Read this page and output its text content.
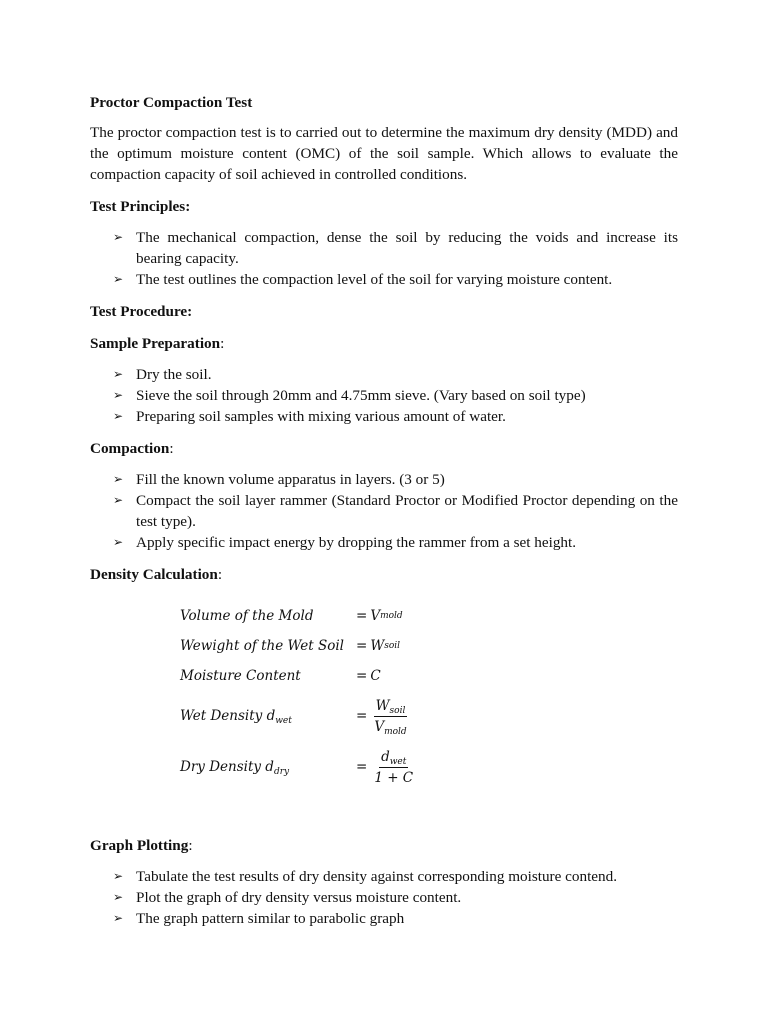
Proctor Compaction Test

The proctor compaction test is to carried out to determine the maximum dry density (MDD) and the optimum moisture content (OMC) of the soil sample. Which allows to evaluate the compaction capacity of soil achieved in controlled conditions.

Test Principles:
➢ The mechanical compaction, dense the soil by reducing the voids and increase its bearing capacity.
➢ The test outlines the compaction level of the soil for varying moisture content.
Test Procedure:
Sample Preparation:
➢ Dry the soil.
➢ Sieve the soil through 20mm and 4.75mm sieve. (Vary based on soil type)
➢ Preparing soil samples with mixing various amount of water.
Compaction:
➢ Fill the known volume apparatus in layers. (3 or 5)
➢ Compact the soil layer rammer (Standard Proctor or Modified Proctor depending on the test type).
➢ Apply specific impact energy by dropping the rammer from a set height.
Density Calculation:
Volume of the Mold	= V mold
Wewight of the Wet Soil = W soil
Moisture Content	= C
Wet Density $d_{wet}$	= $\frac{W_{soil}}{V_{mold}}$
Dry Density $d_{dry}$	= $\frac{d_{wet}}{1 + C}$
Graph Plotting:
➢ Tabulate the test results of dry density against corresponding moisture contend.
➢ Plot the graph of dry density versus moisture content.
➢ The graph pattern similar to parabolic graph
